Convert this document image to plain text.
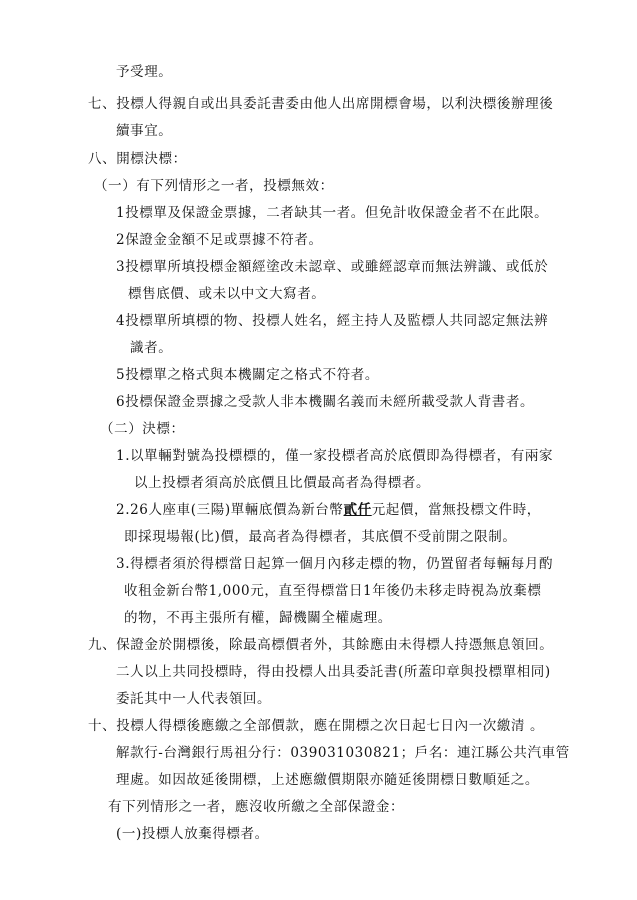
予受理。
七、投標人得親自或出具委託書委由他人出席開標會場，以利決標後辦理後
續事宜。
八、開標決標：
（一）有下列情形之一者，投標無效：
1投標單及保證金票據，二者缺其一者。但免計收保證金者不在此限。
2保證金金額不足或票據不符者。
3投標單所填投標金額經塗改未認章、或雖經認章而無法辨識、或低於
標售底價、或未以中文大寫者。
4投標單所填標的物、投標人姓名，經主持人及監標人共同認定無法辨
識者。
5投標單之格式與本機關定之格式不符者。
6投標保證金票據之受款人非本機關名義而未經所載受款人背書者。
（二）決標：
1.以單輛對號為投標標的，僅一家投標者高於底價即為得標者，有兩家
以上投標者須高於底價且比價最高者為得標者。
2.26人座車(三陽)單輛底價為新台幣貳仟元起價，當無投標文件時，
即採現場報(比)價，最高者為得標者，其底價不受前開之限制。
3.得標者須於得標當日起算一個月內移走標的物，仍置留者每輛每月酌
收租金新台幣1,000元，直至得標當日1年後仍未移走時視為放棄標
的物，不再主張所有權，歸機關全權處理。
九、保證金於開標後，除最高標價者外，其餘應由未得標人持憑無息領回。
二人以上共同投標時，得由投標人出具委託書(所蓋印章與投標單相同)
委託其中一人代表領回。
十、投標人得標後應繳之全部價款，應在開標之次日起七日內一次繳清 。
解款行-台灣銀行馬祖分行：039031030821；戶名：連江縣公共汽車管
理處。如因故延後開標，上述應繳價期限亦隨延後開標日數順延之。
有下列情形之一者，應沒收所繳之全部保證金：
(一)投標人放棄得標者。
